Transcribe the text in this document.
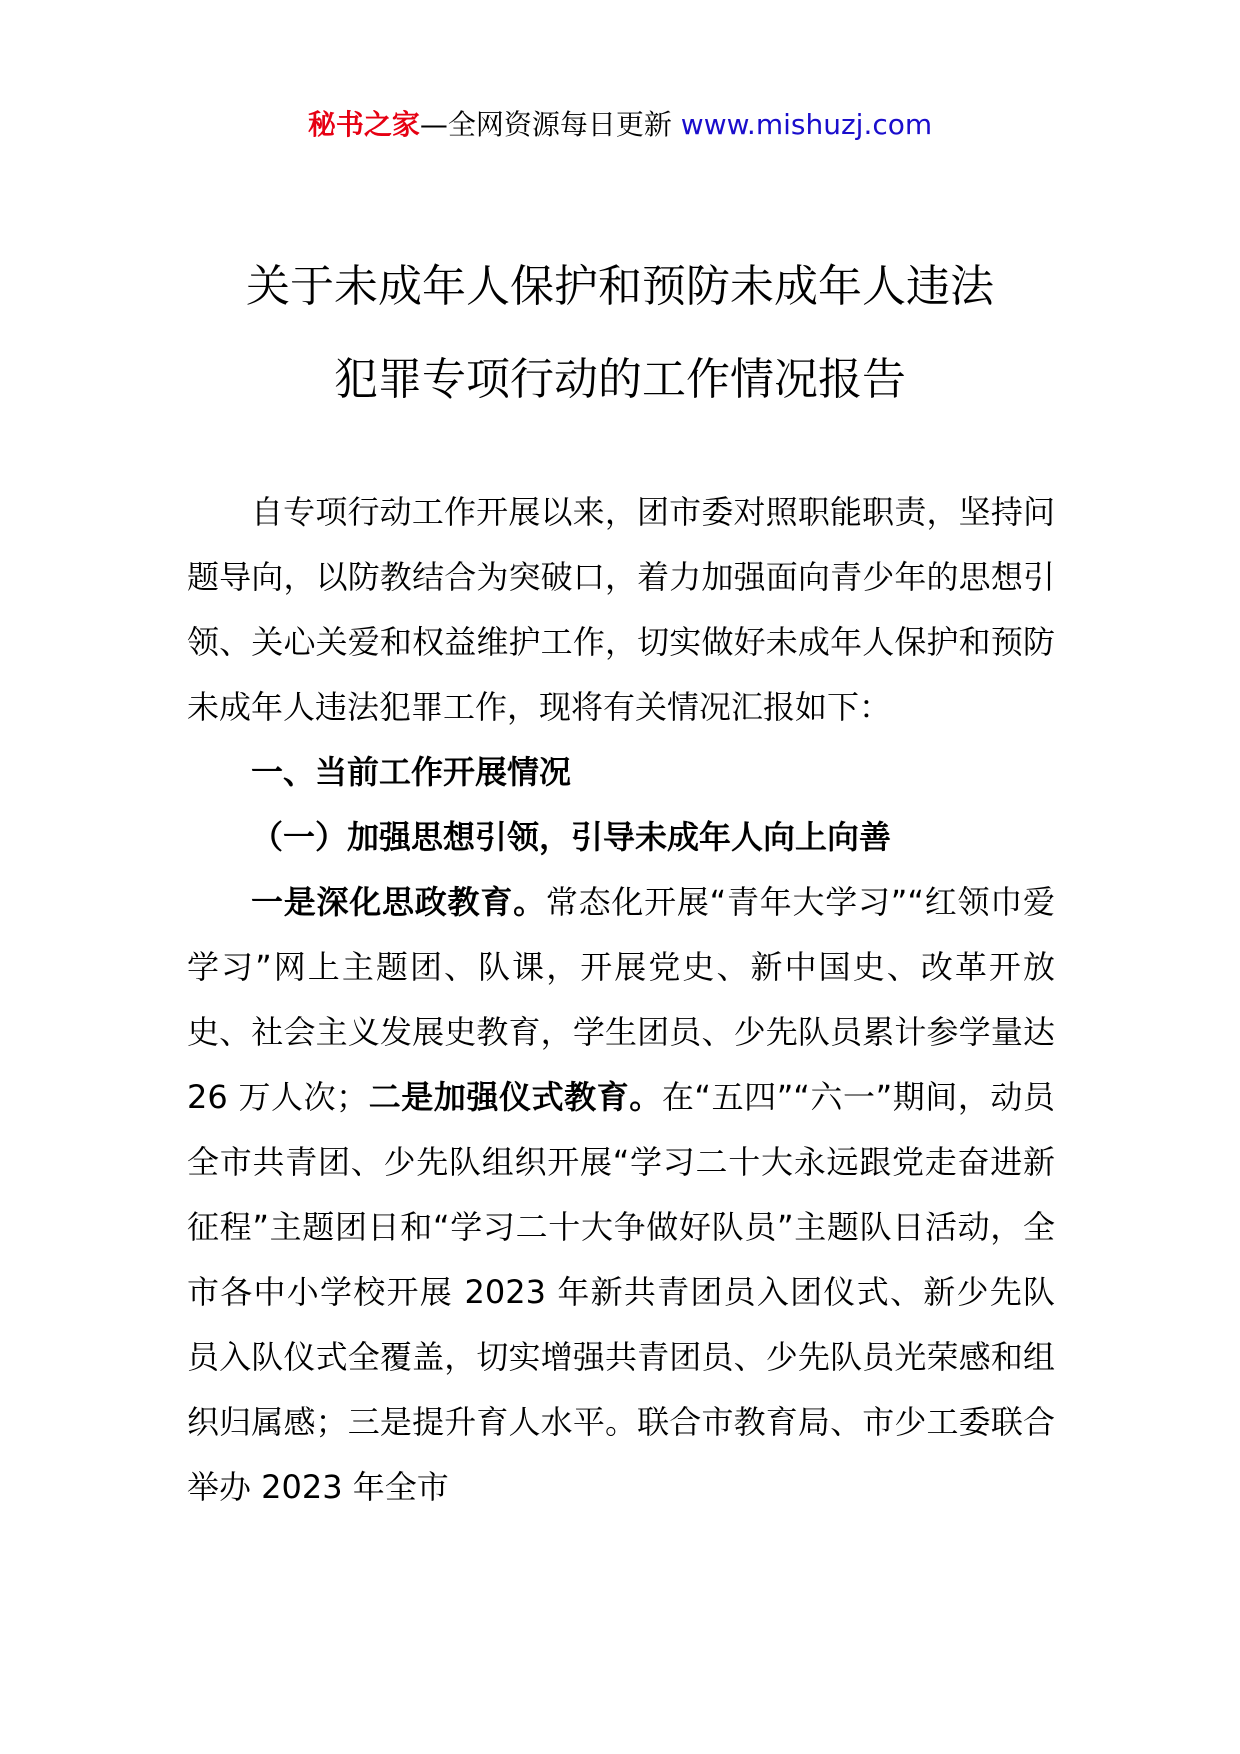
秘书之家—全网资源每日更新 www.mishuzj.com
关于未成年人保护和预防未成年人违法
犯罪专项行动的工作情况报告

自专项行动工作开展以来，团市委对照职能职责，坚持问题导向，以防教结合为突破口，着力加强面向青少年的思想引领、关心关爱和权益维护工作，切实做好未成年人保护和预防未成年人违法犯罪工作，现将有关情况汇报如下：

一、当前工作开展情况

（一）加强思想引领，引导未成年人向上向善

一是深化思政教育。常态化开展“青年大学习”“红领巾爱学习”网上主题团、队课，开展党史、新中国史、改革开放史、社会主义发展史教育，学生团员、少先队员累计参学量达 26 万人次；二是加强仪式教育。在“五四”“六一”期间，动员全市共青团、少先队组织开展“学习二十大永远跟党走奋进新征程”主题团日和“学习二十大争做好队员”主题队日活动，全市各中小学校开展 2023 年新共青团员入团仪式、新少先队员入队仪式全覆盖，切实增强共青团员、少先队员光荣感和组织归属感；三是提升育人水平。联合市教育局、市少工委联合举办 2023 年全市
